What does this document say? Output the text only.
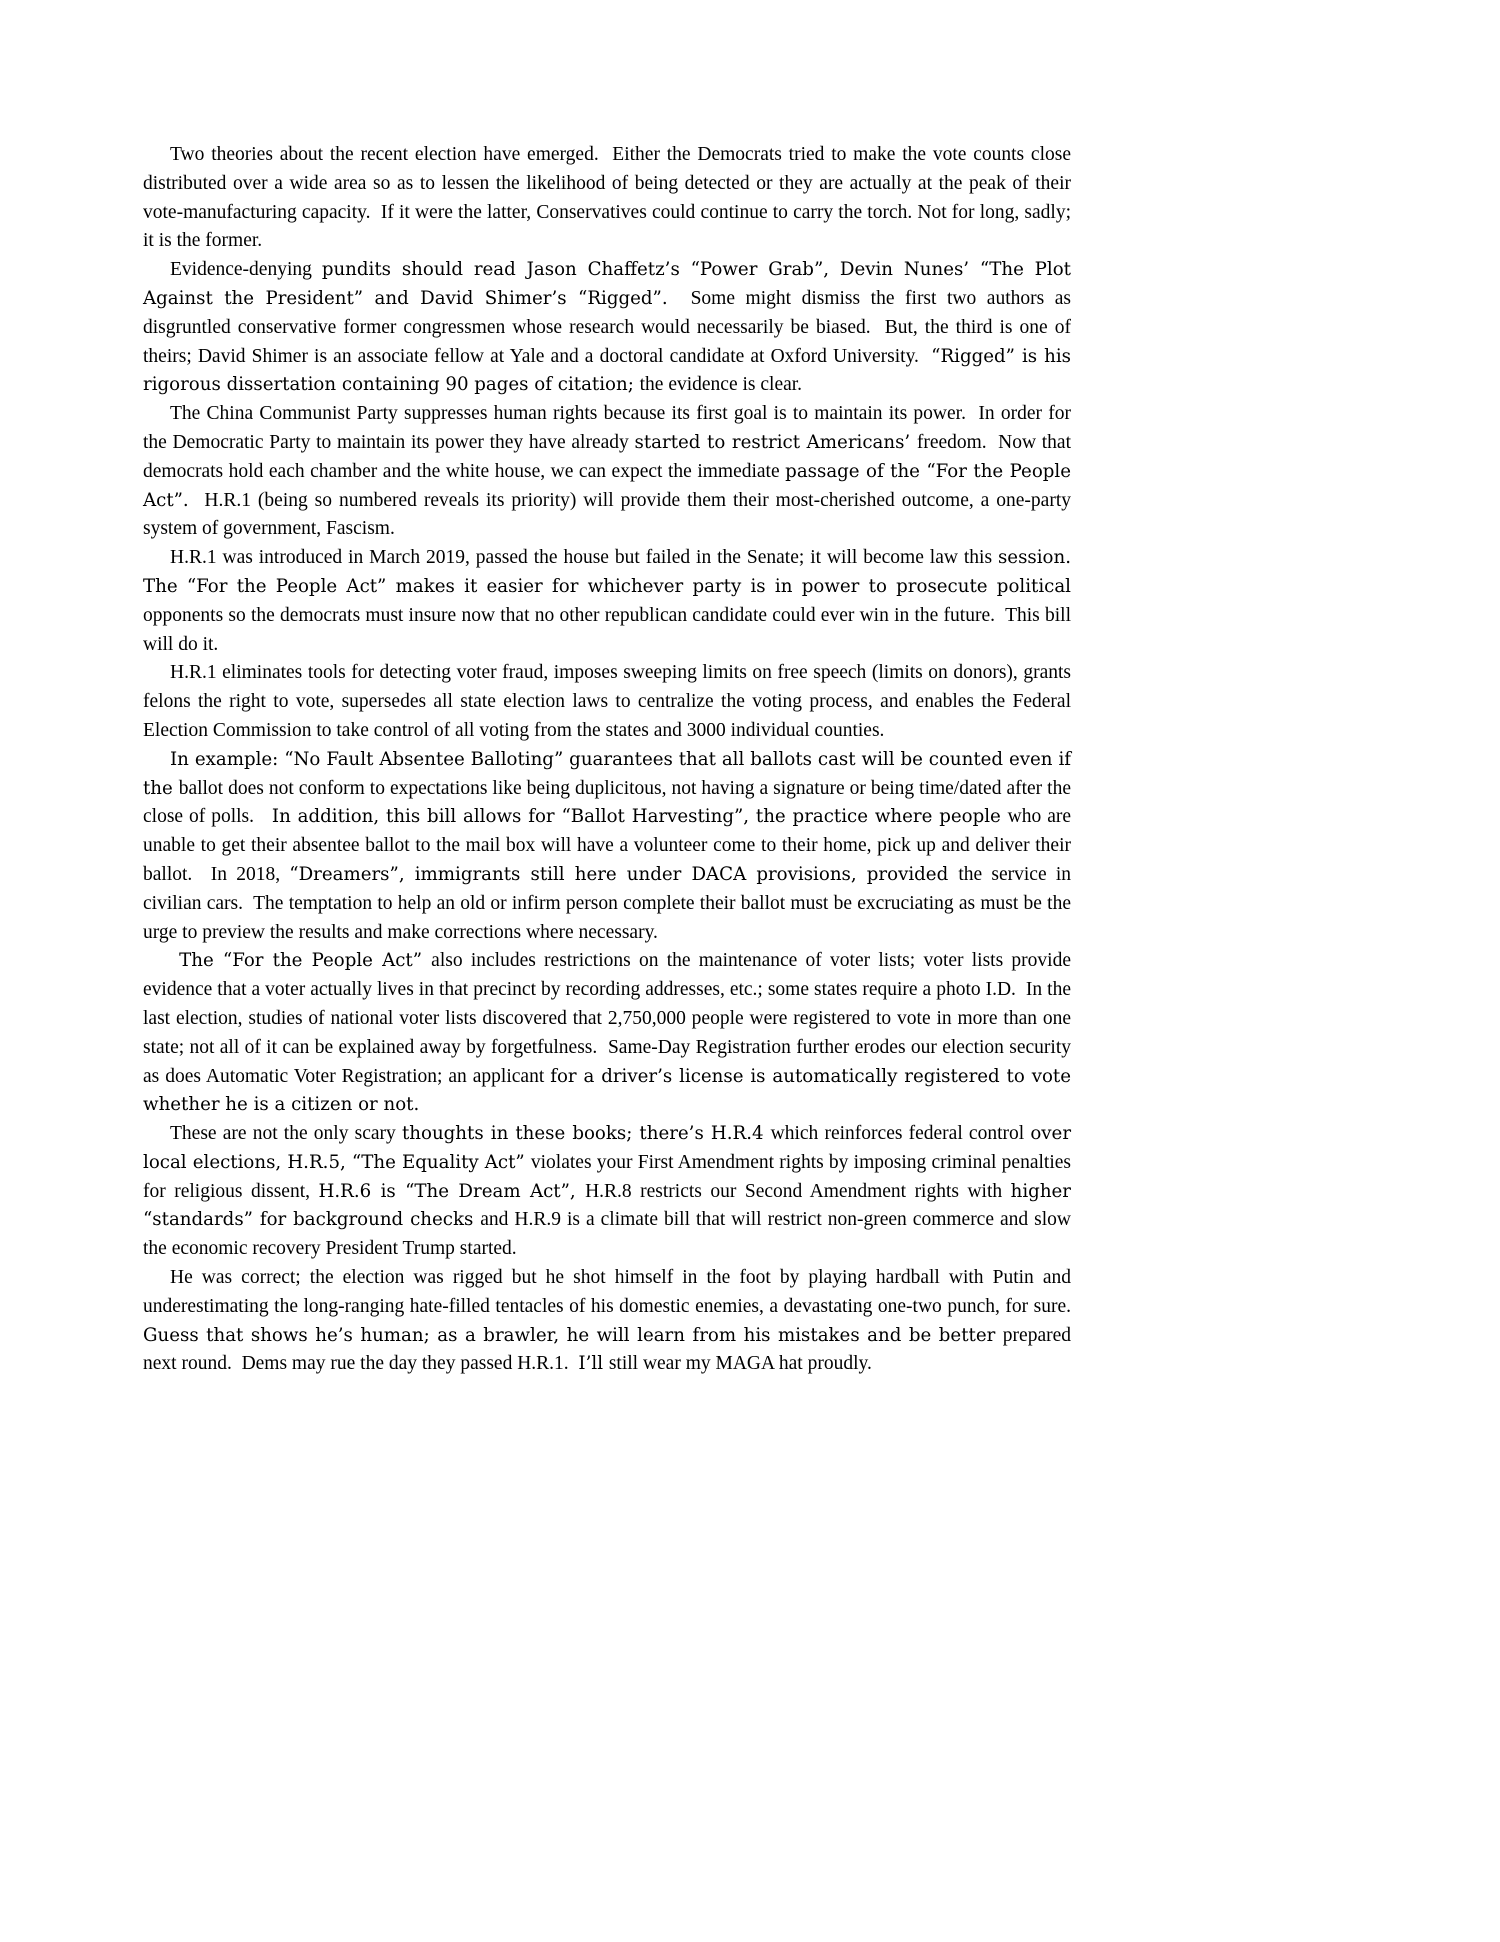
Two theories about the recent election have emerged.  Either the Democrats tried to make the vote counts close distributed over a wide area so as to lessen the likelihood of being detected or they are actually at the peak of their vote-manufacturing capacity.  If it were the latter, Conservatives could continue to carry the torch. Not for long, sadly; it is the former.

Evidence-denying pundits should read Jason Chaffetz’s “Power Grab”, Devin Nunes’ “The Plot Against the President” and David Shimer’s “Rigged”.  Some might dismiss the first two authors as disgruntled conservative former congressmen whose research would necessarily be biased.  But, the third is one of theirs; David Shimer is an associate fellow at Yale and a doctoral candidate at Oxford University.  “Rigged” is his rigorous dissertation containing 90 pages of citation; the evidence is clear.

The China Communist Party suppresses human rights because its first goal is to maintain its power.  In order for the Democratic Party to maintain its power they have already started to restrict Americans’ freedom.  Now that democrats hold each chamber and the white house, we can expect the immediate passage of the “For the People Act”.  H.R.1 (being so numbered reveals its priority) will provide them their most-cherished outcome, a one-party system of government, Fascism.

H.R.1 was introduced in March 2019, passed the house but failed in the Senate; it will become law this session.  The “For the People Act” makes it easier for whichever party is in power to prosecute political opponents so the democrats must insure now that no other republican candidate could ever win in the future.  This bill will do it.

H.R.1 eliminates tools for detecting voter fraud, imposes sweeping limits on free speech (limits on donors), grants felons the right to vote, supersedes all state election laws to centralize the voting process, and enables the Federal Election Commission to take control of all voting from the states and 3000 individual counties.

In example: “No Fault Absentee Balloting” guarantees that all ballots cast will be counted even if the ballot does not conform to expectations like being duplicitous, not having a signature or being time/dated after the close of polls.   In addition, this bill allows for “Ballot Harvesting”, the practice where people who are unable to get their absentee ballot to the mail box will have a volunteer come to their home, pick up and deliver their ballot.  In 2018, “Dreamers”, immigrants still here under DACA provisions, provided the service in civilian cars.  The temptation to help an old or infirm person complete their ballot must be excruciating as must be the urge to preview the results and make corrections where necessary.

The “For the People Act” also includes restrictions on the maintenance of voter lists; voter lists provide evidence that a voter actually lives in that precinct by recording addresses, etc.; some states require a photo I.D.  In the last election, studies of national voter lists discovered that 2,750,000 people were registered to vote in more than one state; not all of it can be explained away by forgetfulness.  Same-Day Registration further erodes our election security as does Automatic Voter Registration; an applicant for a driver’s license is automatically registered to vote whether he is a citizen or not.

These are not the only scary thoughts in these books; there’s H.R.4 which reinforces federal control over local elections, H.R.5, “The Equality Act” violates your First Amendment rights by imposing criminal penalties for religious dissent, H.R.6 is “The Dream Act”, H.R.8 restricts our Second Amendment rights with higher “standards” for background checks and H.R.9 is a climate bill that will restrict non-green commerce and slow the economic recovery President Trump started.

He was correct; the election was rigged but he shot himself in the foot by playing hardball with Putin and underestimating the long-ranging hate-filled tentacles of his domestic enemies, a devastating one-two punch, for sure.  Guess that shows he’s human; as a brawler, he will learn from his mistakes and be better prepared next round.  Dems may rue the day they passed H.R.1.  I’ll still wear my MAGA hat proudly.
